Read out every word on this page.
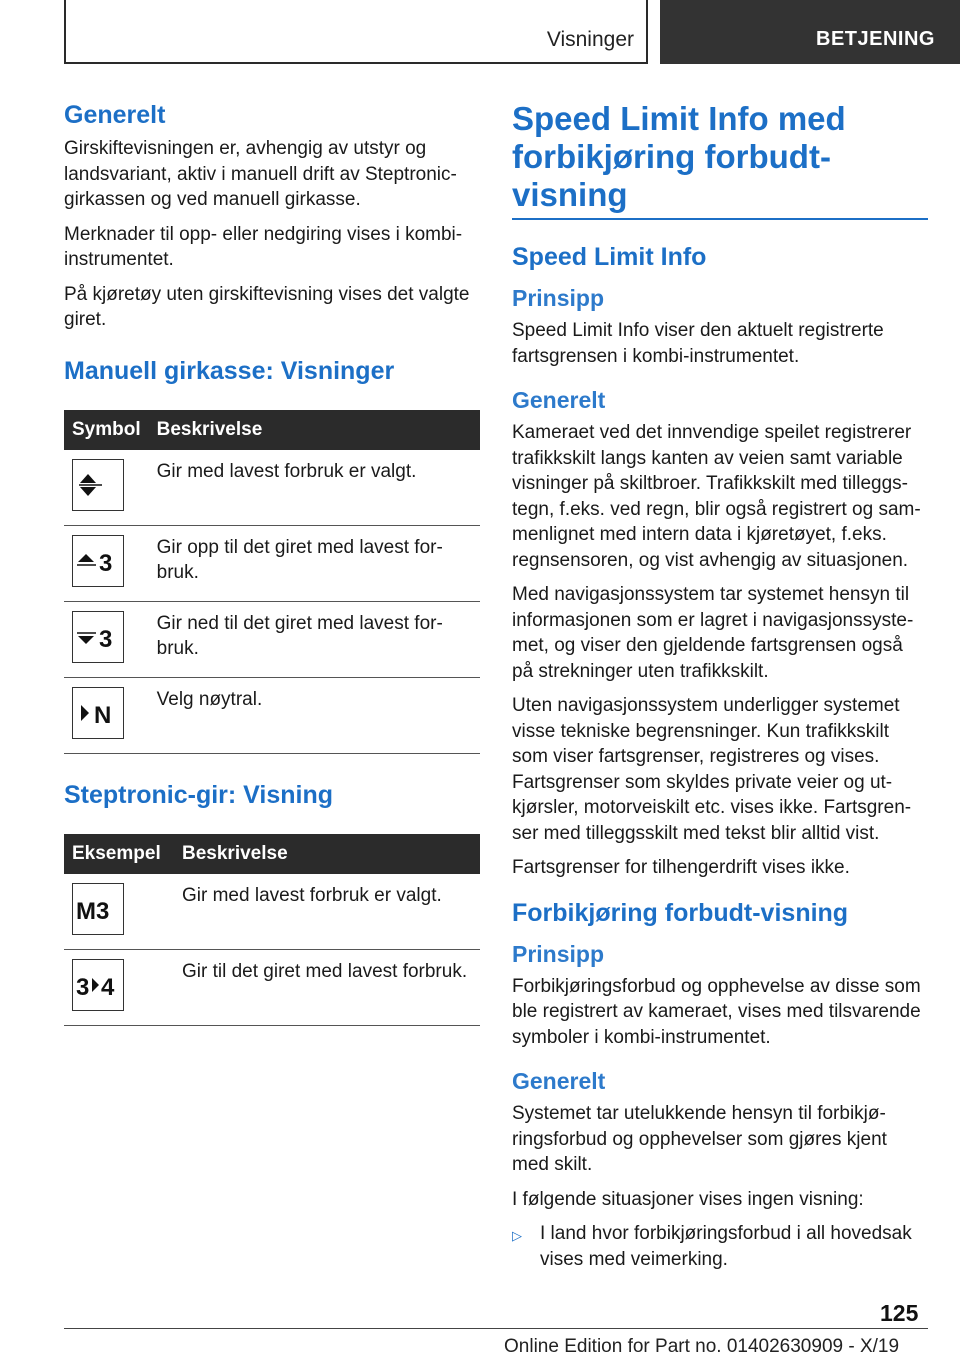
Visninger	BETJENING
Generelt

Girskiftevisningen er, avhengig av utstyr og landsvariant, aktiv i manuell drift av Steptronic-girkassen og ved manuell girkasse.

Merknader til opp- eller nedgiring vises i kombi-instrumentet.

På kjøretøy uten girskiftevisning vises det valgte giret.

Manuell girkasse: Visninger
Symbol	Beskrivelse

	Gir med lavest forbruk er valgt.

3	Gir opp til det giret med lavest for-bruk.

3	Gir ned til det giret med lavest for-bruk.

N	Velg nøytral.
Steptronic-gir: Visning
Eksempel	Beskrivelse

M3	Gir med lavest forbruk er valgt.

3 4	Gir til det giret med lavest forbruk.
Speed Limit Info med forbikjøring forbudt-visning
Speed Limit Info
Prinsipp

Speed Limit Info viser den aktuelt registrerte fartsgrensen i kombi-instrumentet.

Generelt

Kameraet ved det innvendige speilet registrerer trafikkskilt langs kanten av veien samt variable visninger på skiltbroer. Trafikkskilt med tilleggs-tegn, f.eks. ved regn, blir også registrert og sam-menlignet med intern data i kjøretøyet, f.eks. regnsensoren, og vist avhengig av situasjonen.

Med navigasjonssystem tar systemet hensyn til informasjonen som er lagret i navigasjonssyste-met, og viser den gjeldende fartsgrensen også på strekninger uten trafikkskilt.

Uten navigasjonssystem underligger systemet visse tekniske begrensninger. Kun trafikkskilt som viser fartsgrenser, registreres og vises. Fartsgrenser som skyldes private veier og ut-kjørsler, motorveiskilt etc. vises ikke. Fartsgren-ser med tilleggsskilt med tekst blir alltid vist.

Fartsgrenser for tilhengerdrift vises ikke.

Forbikjøring forbudt-visning
Prinsipp

Forbikjøringsforbud og opphevelse av disse som ble registrert av kameraet, vises med tilsvarende symboler i kombi-instrumentet.

Generelt

Systemet tar utelukkende hensyn til forbikjø-ringsforbud og opphevelser som gjøres kjent med skilt.

I følgende situasjoner vises ingen visning:

▷ I land hvor forbikjøringsforbud i all hovedsak vises med veimerking.
125
Online Edition for Part no. 01402630909 - X/19
